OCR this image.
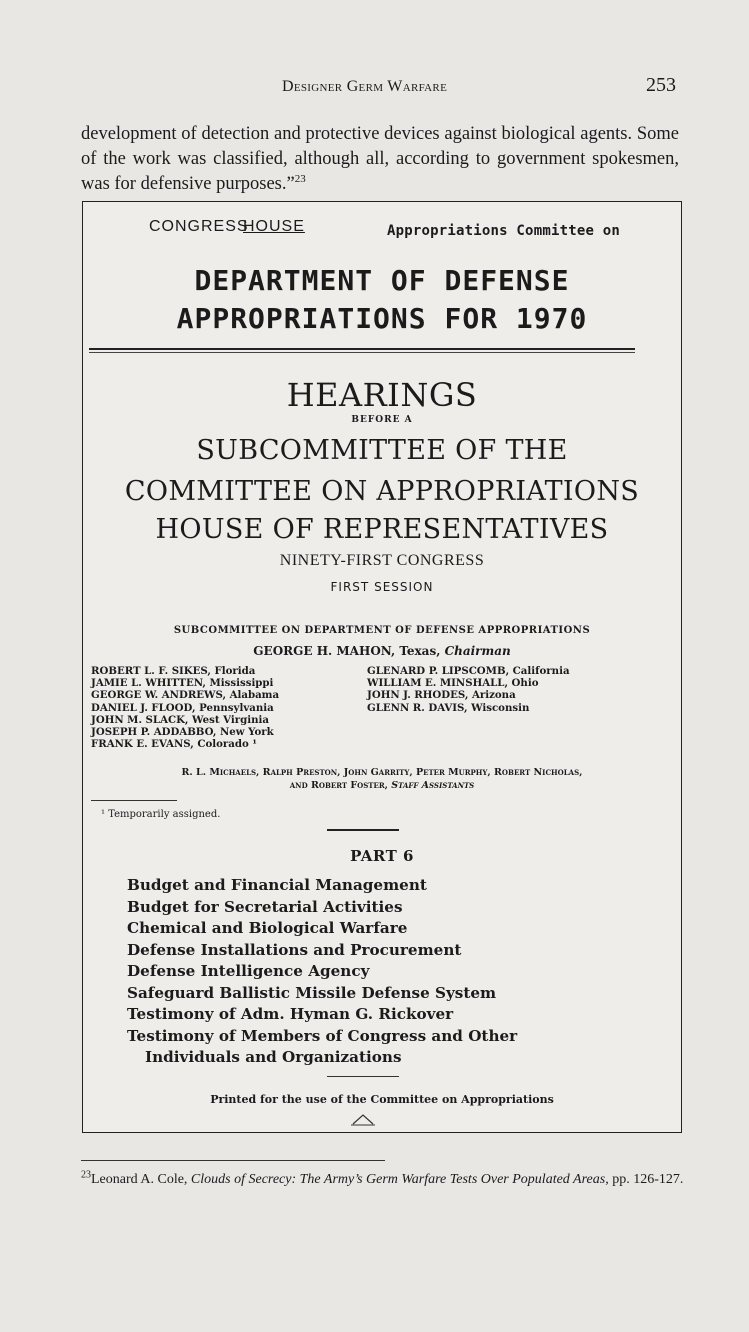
Designer Germ Warfare	253
development of detection and protective devices against biological agents. Some of the work was classified, although all, according to government spokesmen, was for defensive purposes.”$^{23}$
CONGRESS
HOUSE	Appropriations Committee on
DEPARTMENT OF DEFENSE
APPROPRIATIONS FOR 1970
HEARINGS
BEFORE A
SUBCOMMITTEE OF THE
COMMITTEE ON APPROPRIATIONS
HOUSE OF REPRESENTATIVES
NINETY-FIRST CONGRESS
FIRST SESSION
SUBCOMMITTEE ON DEPARTMENT OF DEFENSE APPROPRIATIONS
GEORGE H. MAHON, Texas, Chairman
ROBERT L. F. SIKES, Florida
JAMIE L. WHITTEN, Mississippi
GEORGE W. ANDREWS, Alabama
DANIEL J. FLOOD, Pennsylvania
JOHN M. SLACK, West Virginia
JOSEPH P. ADDABBO, New York
FRANK E. EVANS, Colorado ¹
GLENARD P. LIPSCOMB, California
WILLIAM E. MINSHALL, Ohio
JOHN J. RHODES, Arizona
GLENN R. DAVIS, Wisconsin
R. L. Michaels, Ralph Preston, John Garrity, Peter Murphy, Robert Nicholas,
and Robert Foster, Staff Assistants
¹ Temporarily assigned.
PART 6
Budget and Financial Management
Budget for Secretarial Activities
Chemical and Biological Warfare
Defense Installations and Procurement
Defense Intelligence Agency
Safeguard Ballistic Missile Defense System
Testimony of Adm. Hyman G. Rickover
Testimony of Members of Congress and Other
Individuals and Organizations
Printed for the use of the Committee on Appropriations
$^{23}$Leonard A. Cole, Clouds of Secrecy: The Army’s Germ Warfare Tests Over Populated Areas, pp. 126-127.
